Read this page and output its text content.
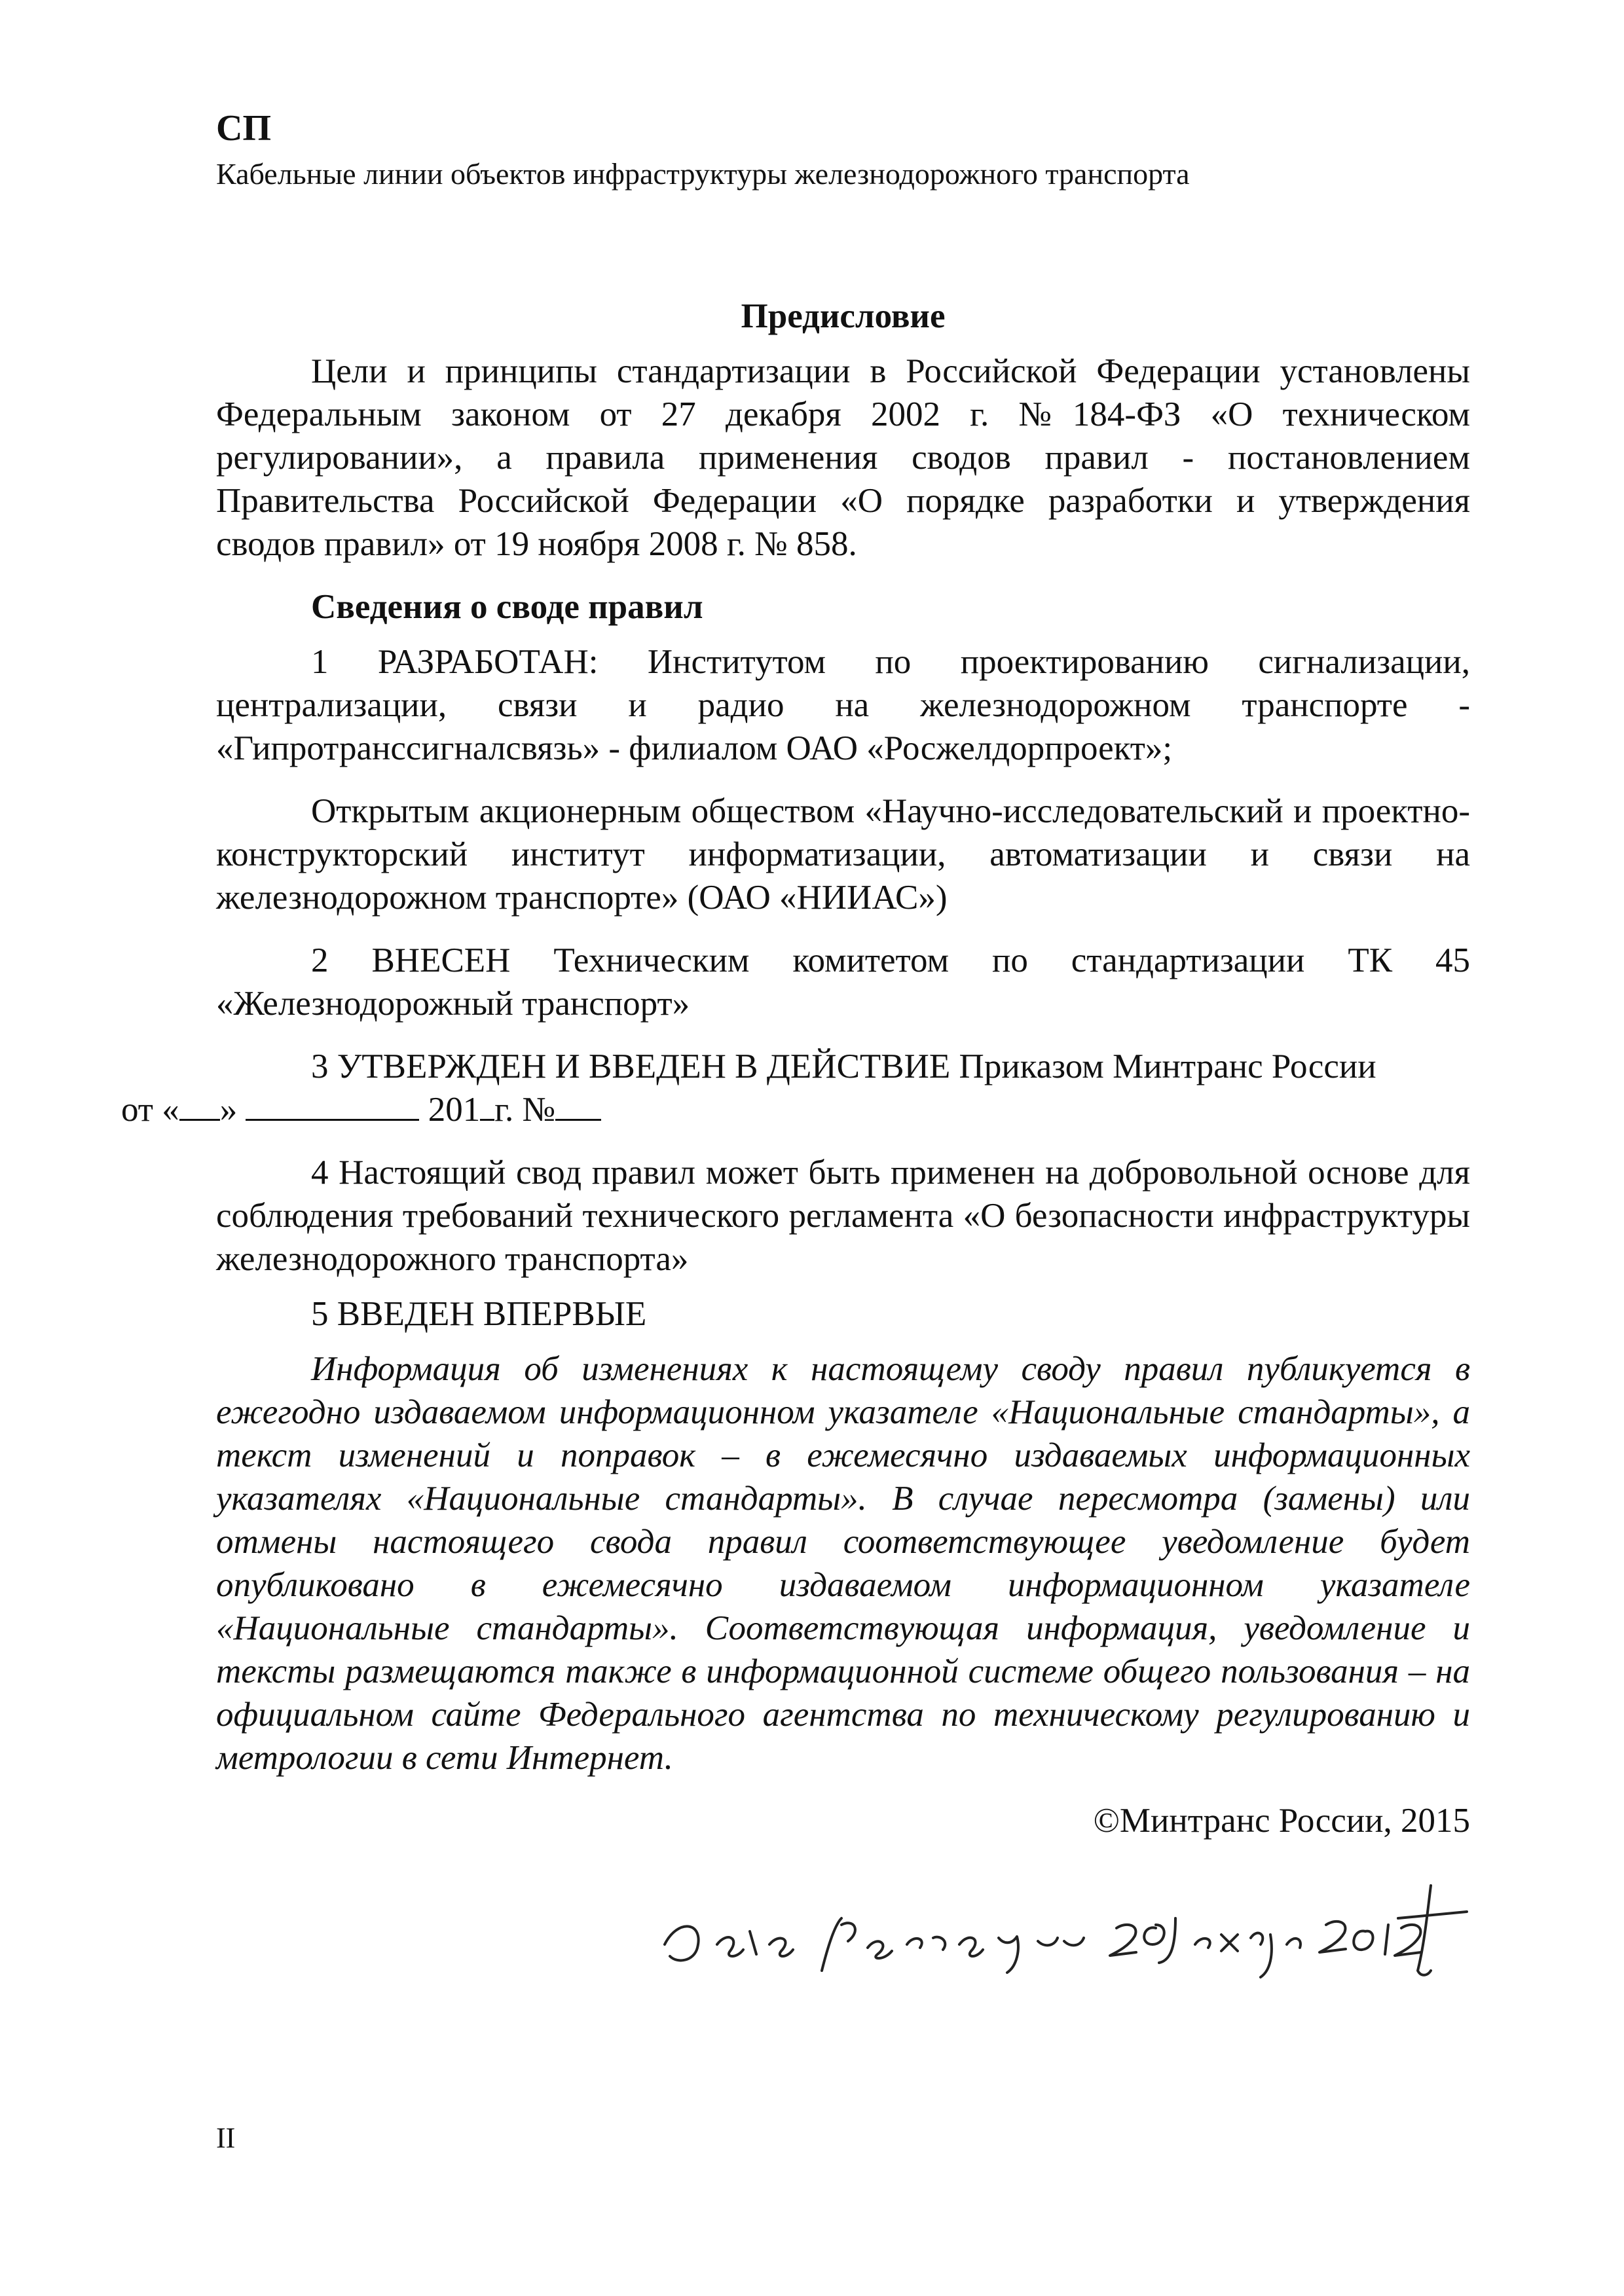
СП
Кабельные линии объектов инфраструктуры железнодорожного транспорта

Предисловие

Цели и принципы стандартизации в Российской Федерации установлены Федеральным законом от 27 декабря 2002 г. №184-ФЗ «О техническом регулировании», а правила применения сводов правил - постановлением Правительства Российской Федерации «О порядке разработки и утверждения сводов правил» от 19 ноября 2008 г. № 858.

Сведения о своде правил

1 РАЗРАБОТАН: Институтом по проектированию сигнализации, централизации, связи и радио на железнодорожном транспорте - «Гипротранссигналсвязь» - филиалом ОАО «Росжелдорпроект»;

Открытым акционерным обществом «Научно-исследовательский и проектно-конструкторский институт информатизации, автоматизации и связи на железнодорожном транспорте» (ОАО «НИИАС»)

2 ВНЕСЕН Техническим комитетом по стандартизации ТК 45 «Железнодорожный транспорт»

3 УТВЕРЖДЕН И ВВЕДЕН В ДЕЙСТВИЕ Приказом Минтранс России
от « »	201 г. №

4 Настоящий свод правил может быть применен на добровольной основе для соблюдения требований технического регламента «О безопасности инфраструктуры железнодорожного транспорта»

5 ВВЕДЕН ВПЕРВЫЕ

Информация об изменениях к настоящему своду правил публикуется в ежегодно издаваемом информационном указателе «Национальные стандарты», а текст изменений и поправок – в ежемесячно издаваемых информационных указателях «Национальные стандарты». В случае пересмотра (замены) или отмены настоящего свода правил соответствующее уведомление будет опубликовано в ежемесячно издаваемом информационном указателе «Национальные стандарты». Соответствующая информация, уведомление и тексты размещаются также в информационной системе общего пользования – на официальном сайте Федерального агентства по техническому регулированию и метрологии в сети Интернет.

©Минтранс России, 2015

II
